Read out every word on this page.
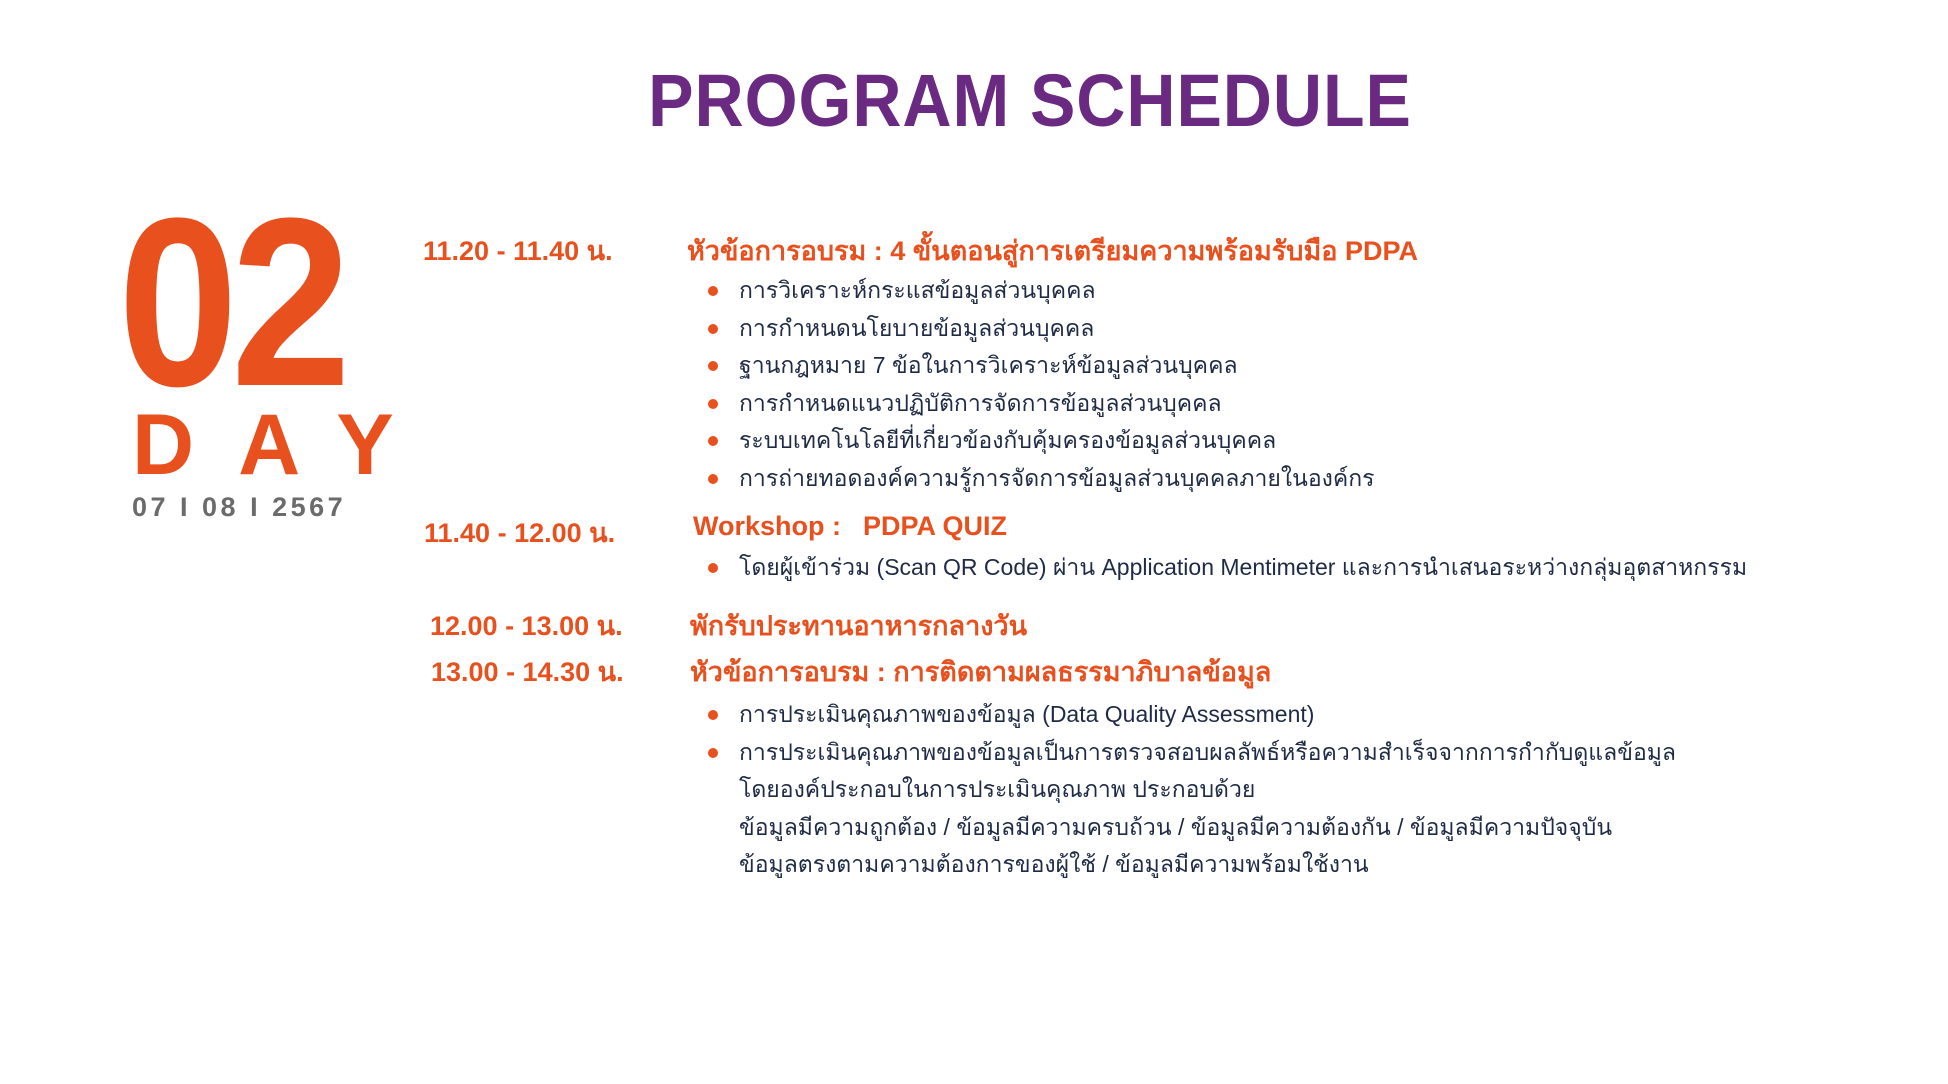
PROGRAM SCHEDULE
02
DAY
07 I 08 I 2567
11.20 - 11.40 น.	หัวข้อการอบรม : 4 ขั้นตอนสู่การเตรียมความพร้อมรับมือ PDPA
การวิเคราะห์กระแสข้อมูลส่วนบุคคล
การกำหนดนโยบายข้อมูลส่วนบุคคล
ฐานกฎหมาย 7 ข้อในการวิเคราะห์ข้อมูลส่วนบุคคล
การกำหนดแนวปฏิบัติการจัดการข้อมูลส่วนบุคคล
ระบบเทคโนโลยีที่เกี่ยวข้องกับคุ้มครองข้อมูลส่วนบุคคล
การถ่ายทอดองค์ความรู้การจัดการข้อมูลส่วนบุคคลภายในองค์กร
11.40 - 12.00 น.	Workshop : PDPA QUIZ
โดยผู้เข้าร่วม (Scan QR Code) ผ่าน Application Mentimeter และการนำเสนอระหว่างกลุ่มอุตสาหกรรม
12.00 - 13.00 น. พักรับประทานอาหารกลางวัน
13.00 - 14.30 น. หัวข้อการอบรม : การติดตามผลธรรมาภิบาลข้อมูล
การประเมินคุณภาพของข้อมูล (Data Quality Assessment)
การประเมินคุณภาพของข้อมูลเป็นการตรวจสอบผลลัพธ์หรือความสำเร็จจากการกำกับดูแลข้อมูล
โดยองค์ประกอบในการประเมินคุณภาพ ประกอบด้วย
ข้อมูลมีความถูกต้อง / ข้อมูลมีความครบถ้วน / ข้อมูลมีความต้องกัน / ข้อมูลมีความปัจจุบัน
ข้อมูลตรงตามความต้องการของผู้ใช้ / ข้อมูลมีความพร้อมใช้งาน
